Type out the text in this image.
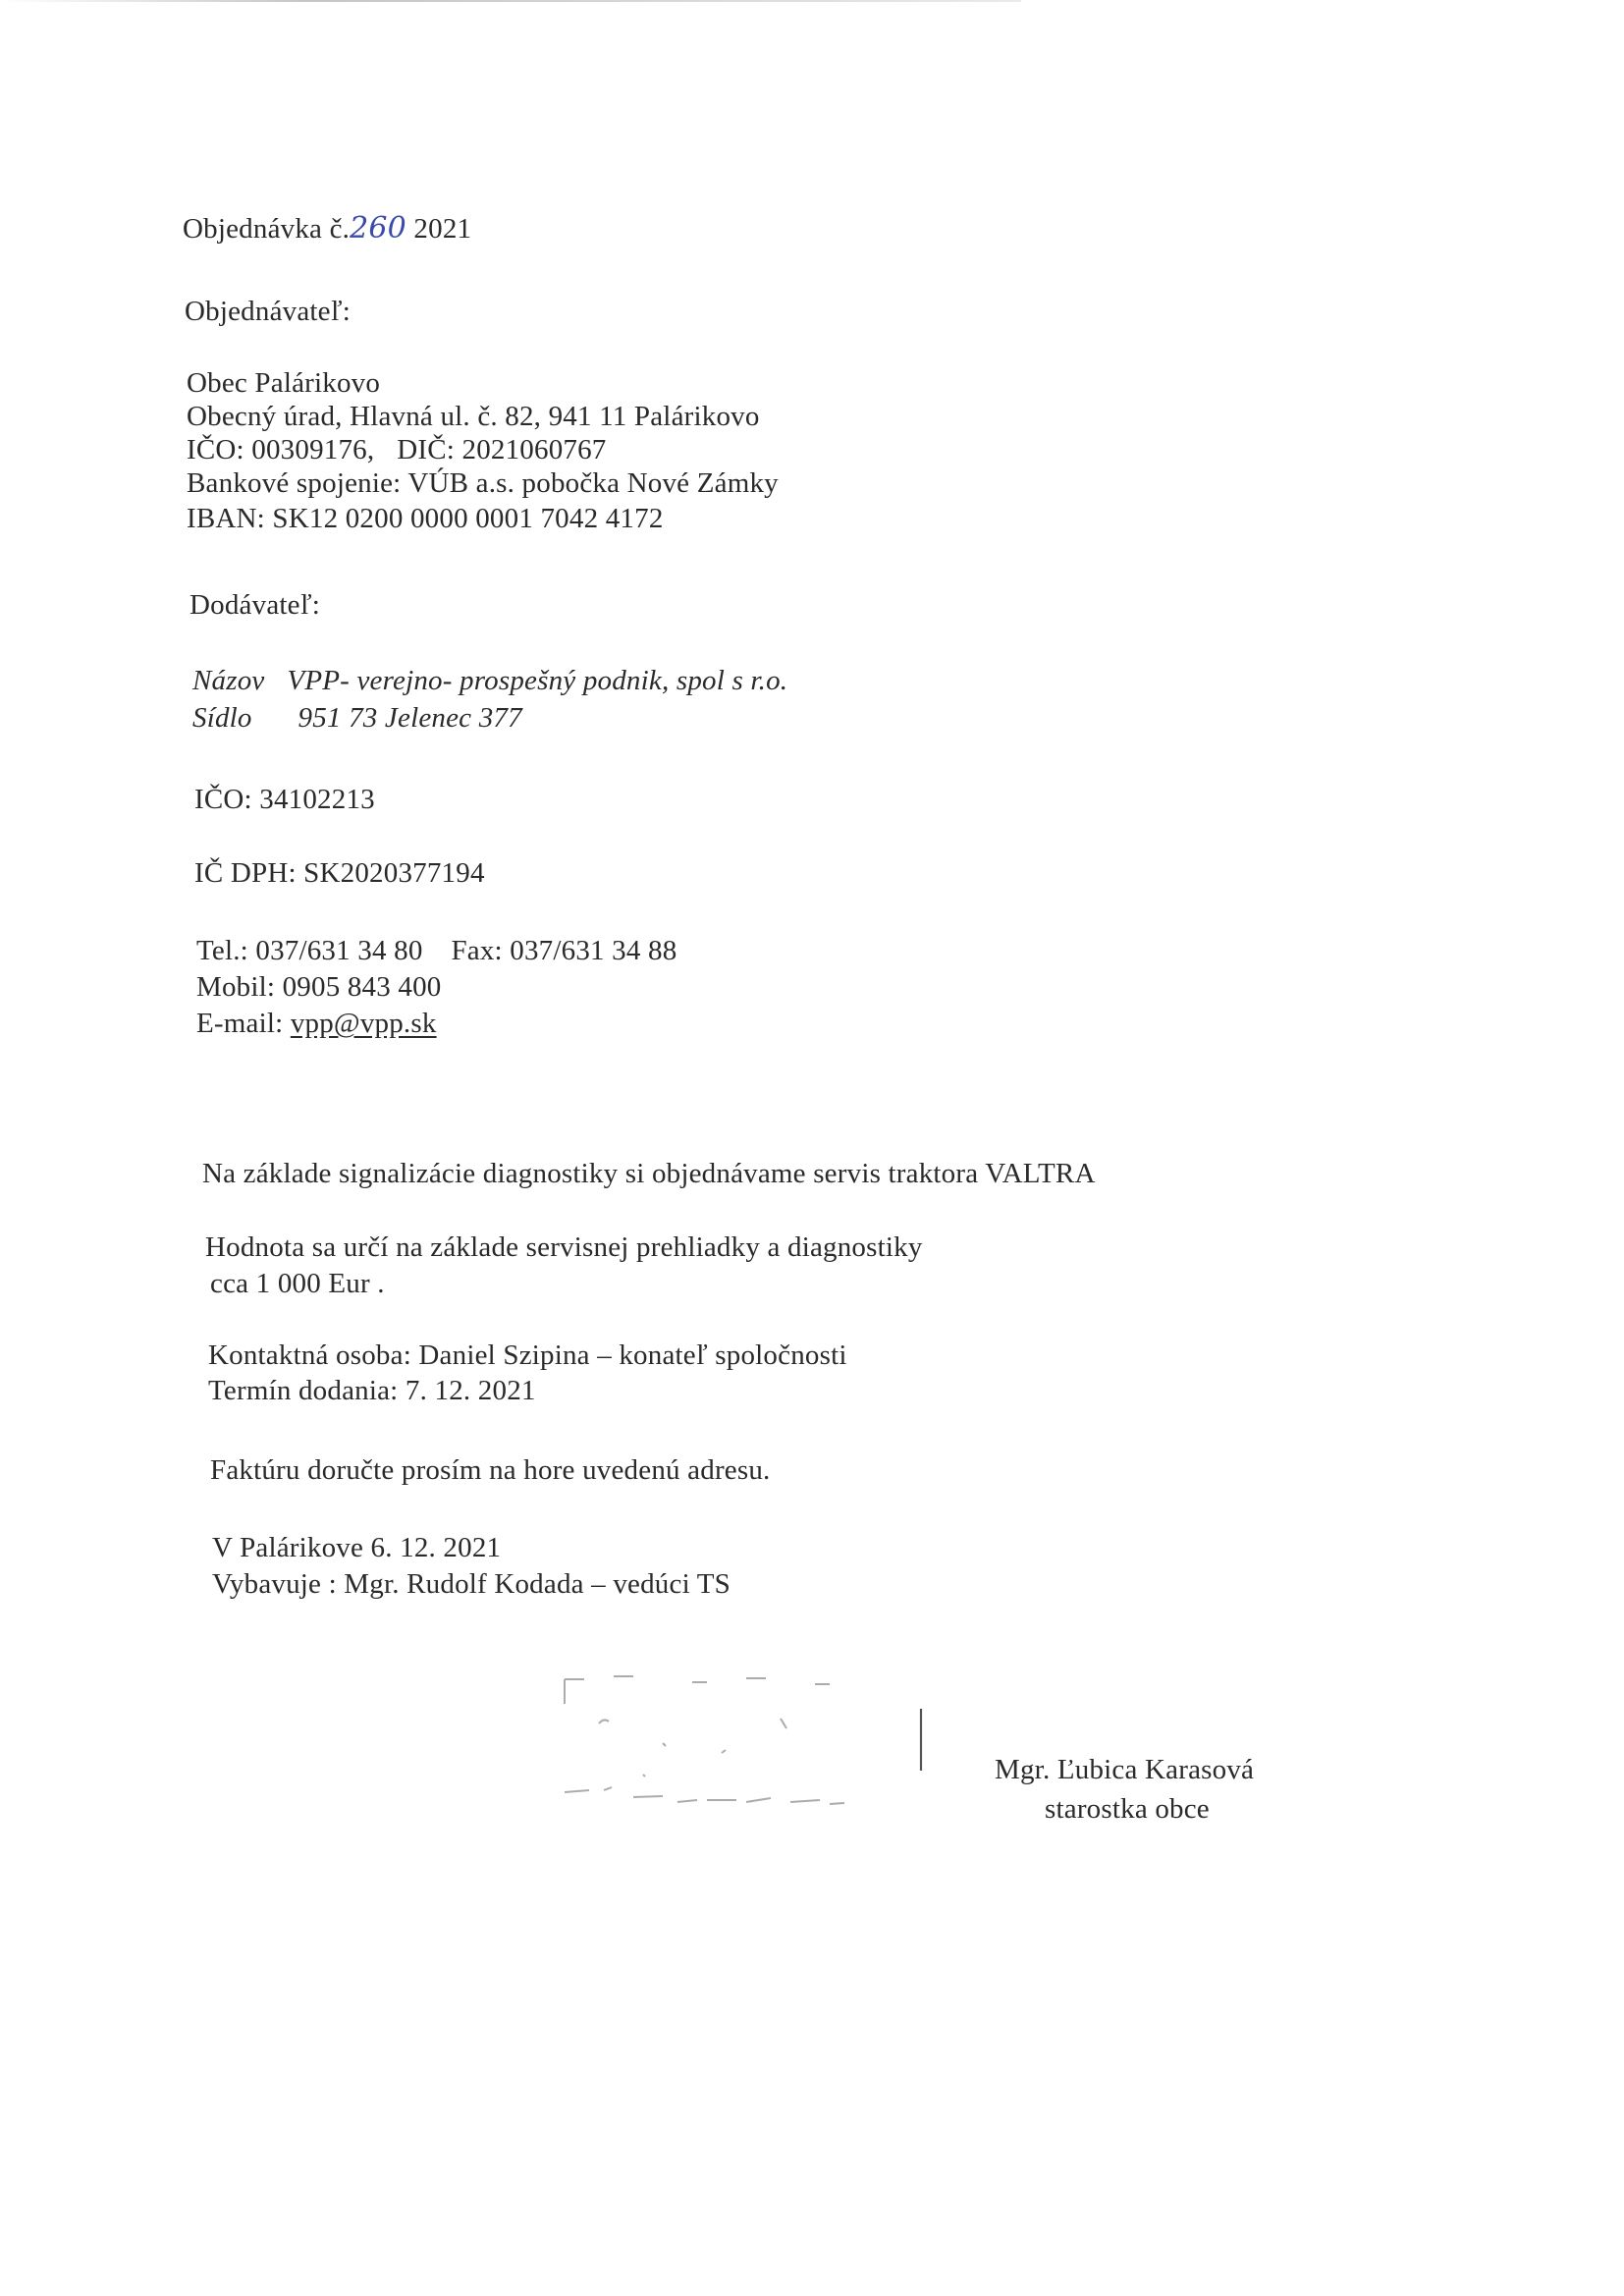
Objednávka č.260 2021
Objednávateľ:
Obec Palárikovo
Obecný úrad, Hlavná ul. č. 82, 941 11 Palárikovo
IČO: 00309176, DIČ: 2021060767
Bankové spojenie: VÚB a.s. pobočka Nové Zámky
IBAN: SK12 0200 0000 0001 7042 4172
Dodávateľ:
Názov VPP- verejno- prospešný podnik, spol s r.o.
Sídlo 951 73 Jelenec 377
IČO: 34102213
IČ DPH: SK2020377194
Tel.: 037/631 34 80 Fax: 037/631 34 88
Mobil: 0905 843 400
E-mail: vpp@vpp.sk
Na základe signalizácie diagnostiky si objednávame servis traktora VALTRA
Hodnota sa určí na základe servisnej prehliadky a diagnostiky
cca 1 000 Eur .
Kontaktná osoba: Daniel Szipina – konateľ spoločnosti
Termín dodania: 7. 12. 2021
Faktúru doručte prosím na hore uvedenú adresu.
V Palárikove 6. 12. 2021
Vybavuje : Mgr. Rudolf Kodada – vedúci TS
Mgr. Ľubica Karasová
starostka obce
